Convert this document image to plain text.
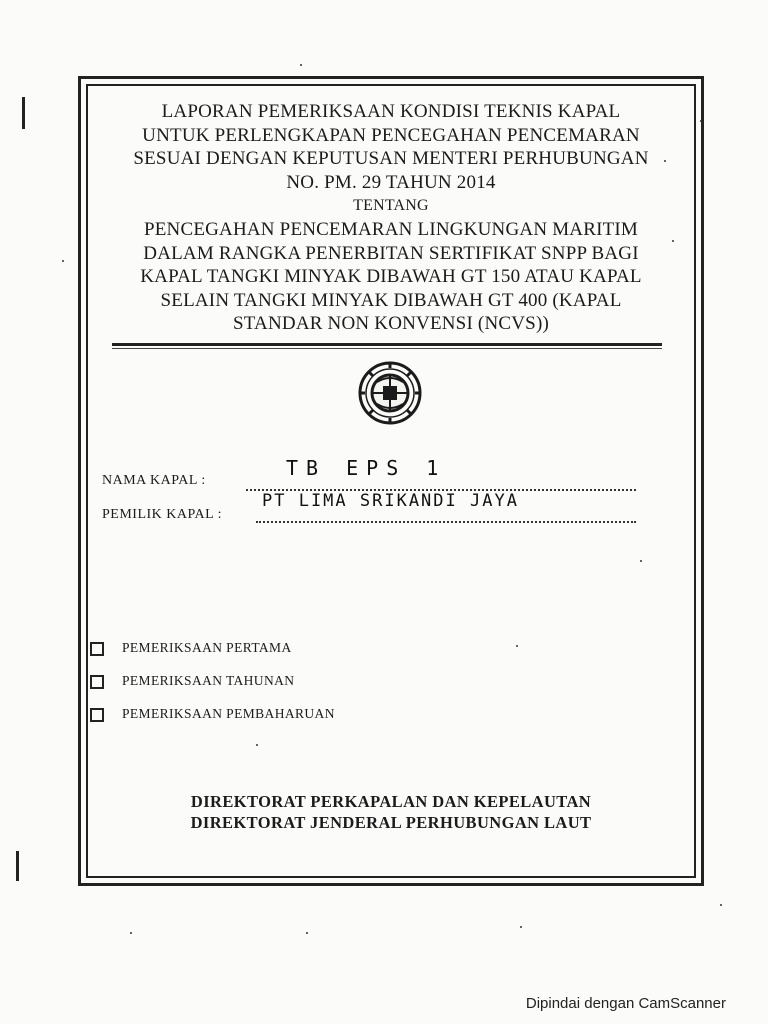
LAPORAN PEMERIKSAAN KONDISI TEKNIS KAPAL
UNTUK PERLENGKAPAN PENCEGAHAN PENCEMARAN
SESUAI DENGAN KEPUTUSAN MENTERI PERHUBUNGAN
NO. PM. 29 TAHUN 2014
TENTANG
PENCEGAHAN PENCEMARAN LINGKUNGAN MARITIM
DALAM RANGKA PENERBITAN SERTIFIKAT SNPP BAGI
KAPAL TANGKI MINYAK DIBAWAH GT 150 ATAU KAPAL
SELAIN TANGKI MINYAK DIBAWAH GT 400 (KAPAL
STANDAR NON KONVENSI (NCVS))
NAMA KAPAL :
TB EPS 1
PEMILIK KAPAL :
PT LIMA SRIKANDI JAYA
PEMERIKSAAN PERTAMA
PEMERIKSAAN TAHUNAN
PEMERIKSAAN PEMBAHARUAN
DIREKTORAT PERKAPALAN DAN KEPELAUTAN
DIREKTORAT JENDERAL PERHUBUNGAN LAUT
Dipindai dengan CamScanner
